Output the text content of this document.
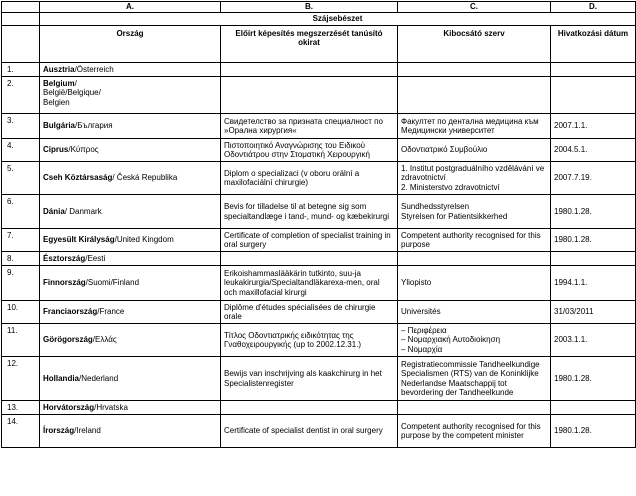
	A.	B.	C.	D.
	Szájsebészet			
	Ország	Előírt képesítés megszerzését tanúsító okirat	Kibocsátó szerv	Hivatkozási dátum
1.	Ausztria/Österreich			
2.	Belgium/
België/Belgique/
Belgien			
3.	Bulgária/България	Свидетелство за призната специалност по »Орална хирургия«	Факултет по дентална медицина към Медицински университет	2007.1.1.
4.	Ciprus/Κύπρος	Πιστοποιητικό Αναγνώρισης του Ειδικού Οδοντιάτρου στην Στοματική Χειρουργική	Οδοντιατρικό Συμβούλιο	2004.5.1.
5.	Cseh Köztársaság/ Česká Republika	Diplom o specializaci (v oboru orální a maxilofaciální chirurgie)	1. Institut postgraduálního vzdělávání ve zdravotnictví
2. Ministerstvo zdravotnictví	2007.7.19.
6.	Dánia/ Danmark	Bevis for tilladelse til at betegne sig som specialtandlæge i tand-, mund- og kæbekirurgi	Sundhedsstyrelsen
Styrelsen for Patientsikkerhed	1980.1.28.
7.	Egyesült Királyság/United Kingdom	Certificate of completion of specialist training in oral surgery	Competent authority recognised for this purpose	1980.1.28.
8.	Észtország/Eesti			
9.	Finnország/Suomi/Finland	Erikoishammaslääkärin tutkinto, suu-ja leukakirurgia/Specialtandläkarexa-men, oral och maxillofacial kirurgi	Yliopisto	1994.1.1.
10.	Franciaország/France	Diplôme d'études spécialisées de chirurgie orale	Universités	31/03/2011
11.	Görögország/Ελλάς	Τίτλος Οδοντιατρικής ειδικότητας της Γναθοχειρουργικής (up to 2002.12.31.)	– Περιφέρεια
– Νομαρχιακή Αυτοδιοίκηση
– Νομαρχία	2003.1.1.
12.	Hollandia/Nederland	Bewijs van inschrijving als kaakchirurg in het Specialistenregister	Registratiecommissie Tandheelkundige Specialismen (RTS) van de Koninklijke Nederlandse Maatschappij tot bevordering der Tandheelkunde	1980.1.28.
13.	Horvátország/Hrvatska			
14.	Írország/Ireland	Certificate of specialist dentist in oral surgery	Competent authority recognised for this purpose by the competent minister	1980.1.28.
